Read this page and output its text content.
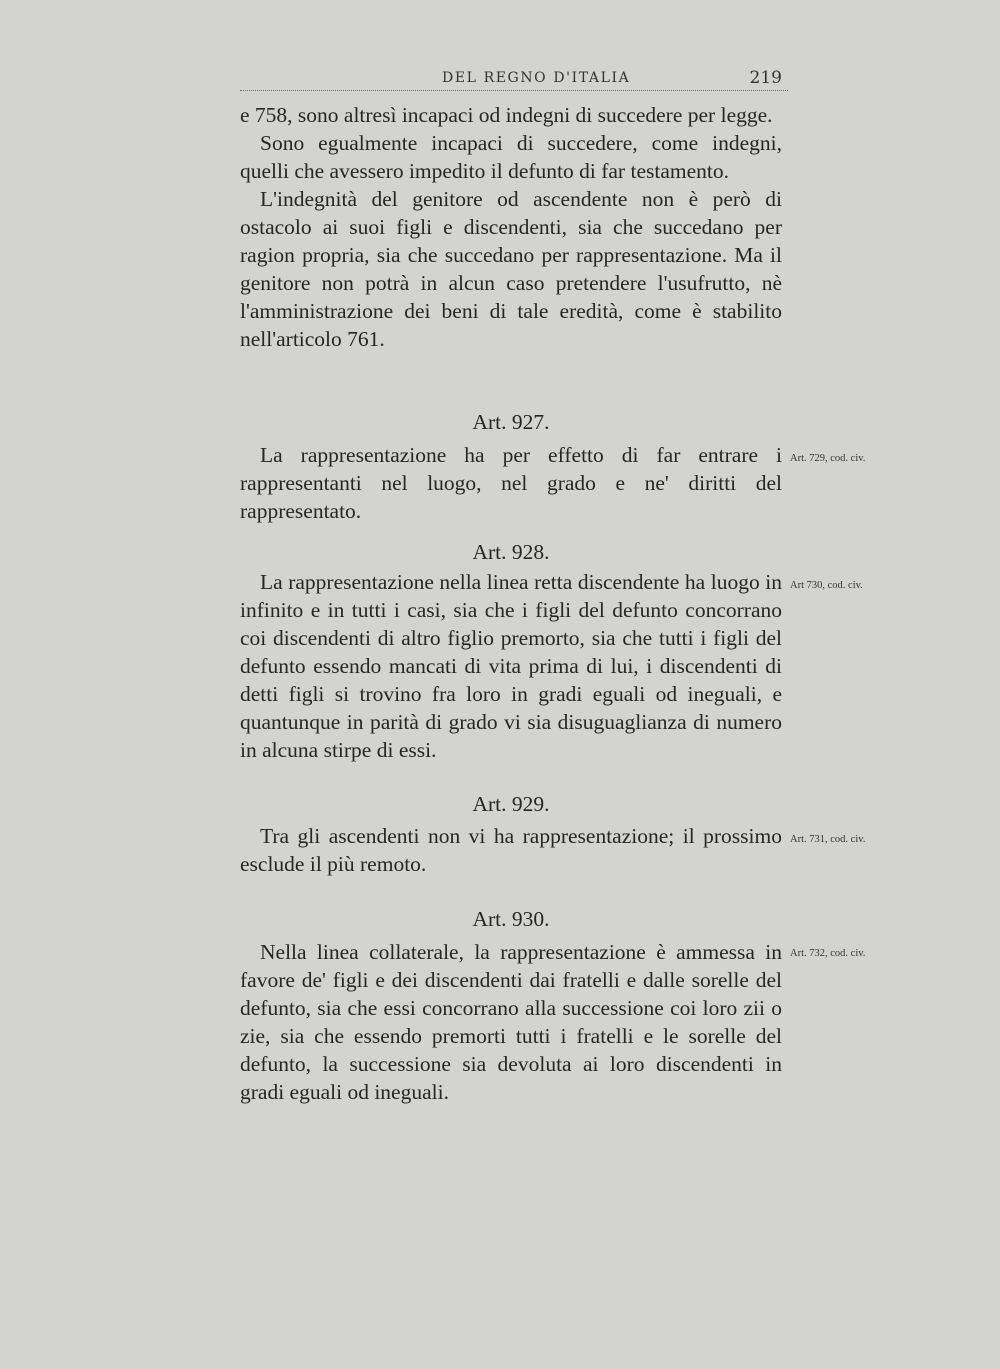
DEL REGNO D'ITALIA	219

e 758, sono altresì incapaci od indegni di succedere per legge.

Sono egualmente incapaci di succedere, come indegni, quelli che avessero impedito il defunto di far testamento.

L'indegnità del genitore od ascendente non è però di ostacolo ai suoi figli e discendenti, sia che succedano per ragion propria, sia che succedano per rappresentazione. Ma il genitore non potrà in alcun caso pretendere l'usufrutto, nè l'amministrazione dei beni di tale eredità, come è stabilito nell'articolo 761.

Art. 927.

La rappresentazione ha per effetto di far entrare i rappresentanti nel luogo, nel grado e ne' diritti del rappresentato.

Art. 729, cod. civ.
Art. 928.

La rappresentazione nella linea retta discendente ha luogo in infinito e in tutti i casi, sia che i figli del defunto concorrano coi discendenti di altro figlio premorto, sia che tutti i figli del defunto essendo mancati di vita prima di lui, i discendenti di detti figli si trovino fra loro in gradi eguali od ineguali, e quantunque in parità di grado vi sia disuguaglianza di numero in alcuna stirpe di essi.

Art 730, cod. civ.
Art. 929.

Tra gli ascendenti non vi ha rappresentazione; il prossimo esclude il più remoto.

Art. 731, cod. civ.
Art. 930.

Nella linea collaterale, la rappresentazione è ammessa in favore de' figli e dei discendenti dai fratelli e dalle sorelle del defunto, sia che essi concorrano alla successione coi loro zii o zie, sia che essendo premorti tutti i fratelli e le sorelle del defunto, la successione sia devoluta ai loro discendenti in gradi eguali od ineguali.

Art. 732, cod. civ.
